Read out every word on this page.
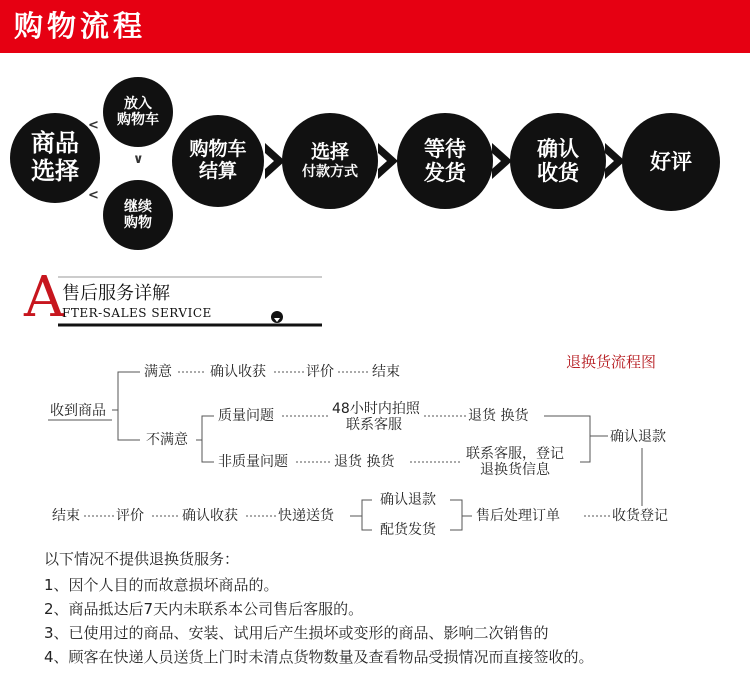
购物流程
商品
选择
放入
购物车
继续
购物
购物车
结算
选择
付款方式
等待
发货
确认
收货	好评
<
∨
<
A
售后服务详解
FTER-SALES SERVICE
退换货流程图
收到商品
满意	确认收获	评价	结束
不满意
质量问题	48小时内拍照
联系客服
退货 换货
非质量问题	退货 换货	联系客服，登记
退换货信息
确认退款
收货登记
售后处理订单
确认退款
配货发货
快递送货
确认收获
评价
结束
以下情况不提供退换货服务：
1、因个人目的而故意损坏商品的。
2、商品抵达后7天内未联系本公司售后客服的。
3、已使用过的商品、安装、试用后产生损坏或变形的商品、影响二次销售的
4、顾客在快递人员送货上门时未清点货物数量及查看物品受损情况而直接签收的。
